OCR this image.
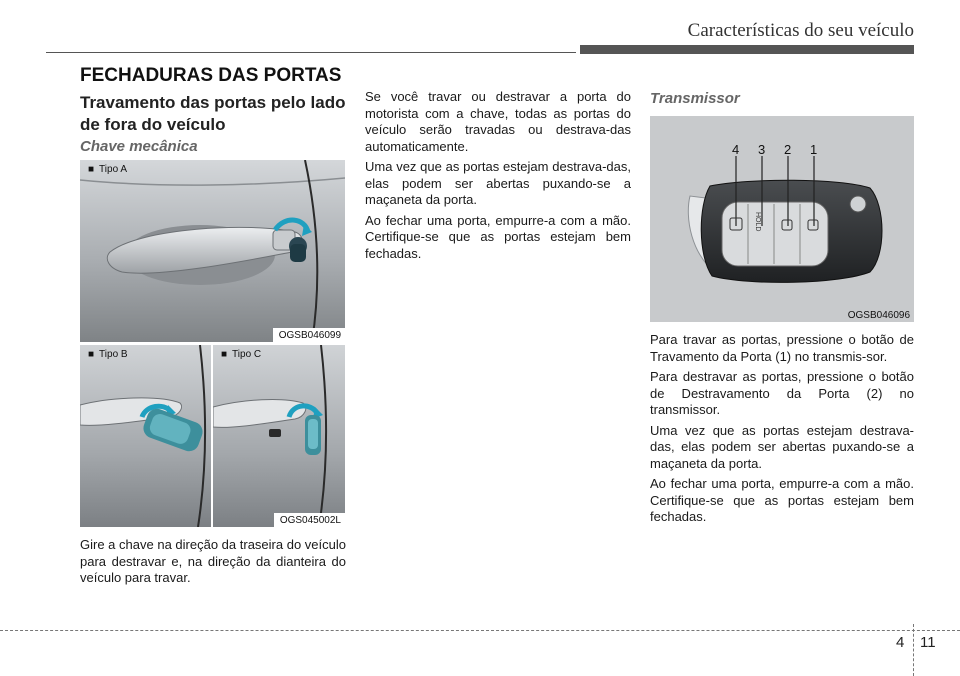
Características do seu veículo
FECHADURAS DAS PORTAS
Travamento das portas pelo lado de fora do veículo
Chave mecânica
■ Tipo A
OGSB046099
■ Tipo B
■	Tipo C
OGS045002L

Gire a chave na direção da traseira do veículo para destravar e, na direção da dianteira do veículo para travar.

Se você travar ou destravar a porta do motorista com a chave, todas as portas do veículo serão travadas ou destrava-das automaticamente.

Uma vez que as portas estejam destrava-das, elas podem ser abertas puxando-se a maçaneta da porta.

Ao fechar uma porta, empurre-a com a mão. Certifique-se que as portas estejam bem fechadas.

Transmissor
HOLD
4 3 2 1
OGSB046096

Para travar as portas, pressione o botão de Travamento da Porta (1) no transmis-sor.

Para destravar as portas, pressione o botão de Destravamento da Porta (2) no transmissor.

Uma vez que as portas estejam destrava-das, elas podem ser abertas puxando-se a maçaneta da porta.

Ao fechar uma porta, empurre-a com a mão. Certifique-se que as portas estejam bem fechadas.

4 11
